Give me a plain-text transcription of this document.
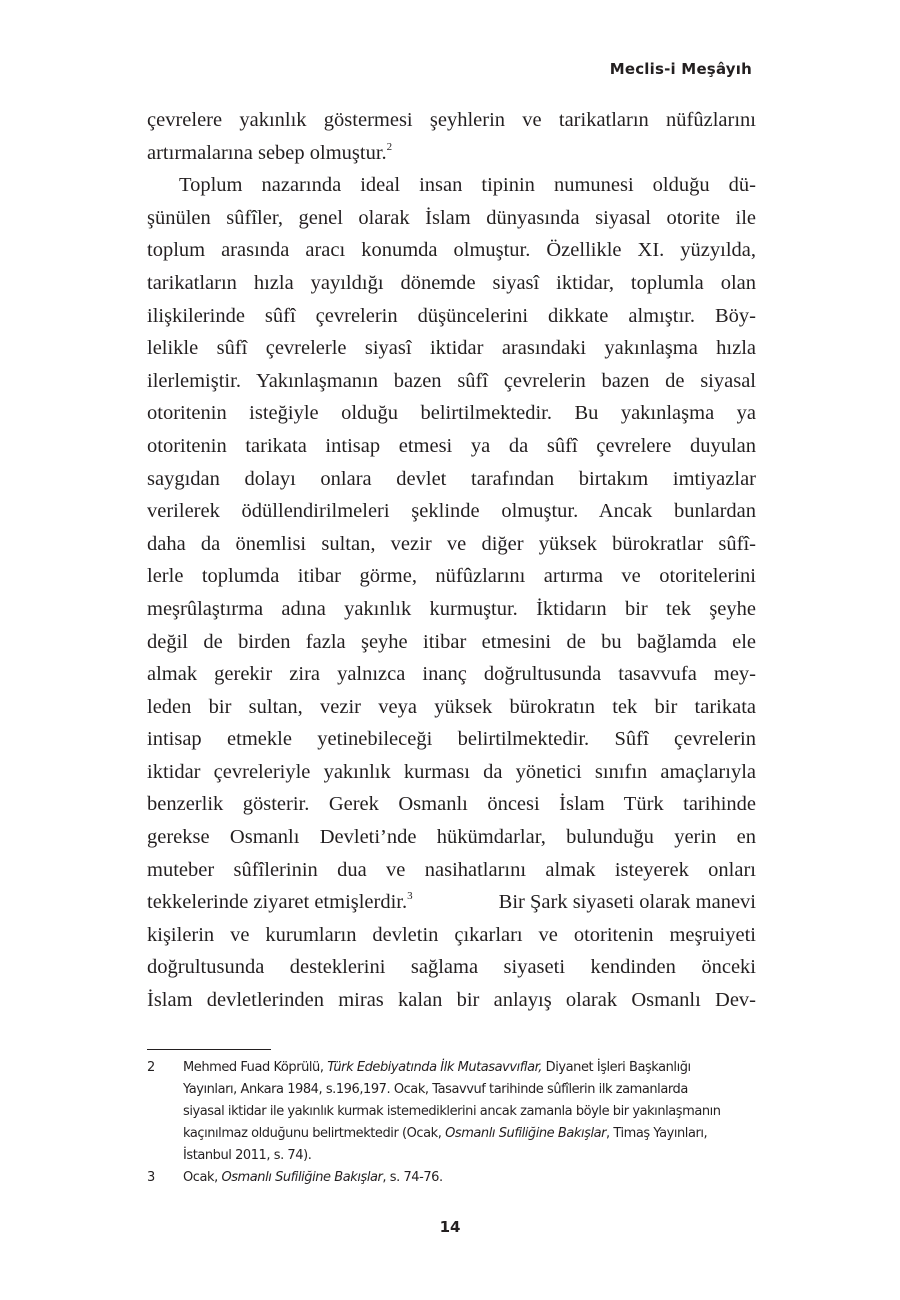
Meclis-i Meşâyıh
çevrelere yakınlık göstermesi şeyhlerin ve tarikatların nüfûzlarını
artırmalarına sebep olmuştur.$^2$
Toplum nazarında ideal insan tipinin numunesi olduğu dü-
şünülen sûfîler, genel olarak İslam dünyasında siyasal otorite ile
toplum arasında aracı konumda olmuştur. Özellikle XI. yüzyılda,
tarikatların hızla yayıldığı dönemde siyasî iktidar, toplumla olan
ilişkilerinde sûfî çevrelerin düşüncelerini dikkate almıştır. Böy-
lelikle sûfî çevrelerle siyasî iktidar arasındaki yakınlaşma hızla
ilerlemiştir. Yakınlaşmanın bazen sûfî çevrelerin bazen de siyasal
otoritenin isteğiyle olduğu belirtilmektedir. Bu yakınlaşma ya
otoritenin tarikata intisap etmesi ya da sûfî çevrelere duyulan
saygıdan dolayı onlara devlet tarafından birtakım imtiyazlar
verilerek ödüllendirilmeleri şeklinde olmuştur. Ancak bunlardan
daha da önemlisi sultan, vezir ve diğer yüksek bürokratlar sûfî-
lerle toplumda itibar görme, nüfûzlarını artırma ve otoritelerini
meşrûlaştırma adına yakınlık kurmuştur. İktidarın bir tek şeyhe
değil de birden fazla şeyhe itibar etmesini de bu bağlamda ele
almak gerekir zira yalnızca inanç doğrultusunda tasavvufa mey-
leden bir sultan, vezir veya yüksek bürokratın tek bir tarikata
intisap etmekle yetinebileceği belirtilmektedir. Sûfî çevrelerin
iktidar çevreleriyle yakınlık kurması da yönetici sınıfın amaçlarıyla
benzerlik gösterir. Gerek Osmanlı öncesi İslam Türk tarihinde
gerekse Osmanlı Devleti’nde hükümdarlar, bulunduğu yerin en
muteber sûfîlerinin dua ve nasihatlarını almak isteyerek onları
tekkelerinde ziyaret etmişlerdir.$^3$	Bir Şark siyaseti olarak manevi
kişilerin ve kurumların devletin çıkarları ve otoritenin meşruiyeti
doğrultusunda desteklerini sağlama siyaseti kendinden önceki
İslam devletlerinden miras kalan bir anlayış olarak Osmanlı Dev-
2	Mehmed Fuad Köprülü, Türk Edebiyatında İlk Mutasavvıflar, Diyanet İşleri Başkanlığı
Yayınları, Ankara 1984, s.196,197. Ocak, Tasavvuf tarihinde sûfîlerin ilk zamanlarda
siyasal iktidar ile yakınlık kurmak istemediklerini ancak zamanla böyle bir yakınlaşmanın
kaçınılmaz olduğunu belirtmektedir (Ocak, Osmanlı Sufiliğine Bakışlar, Timaş Yayınları,
İstanbul 2011, s. 74).
3	Ocak, Osmanlı Sufiliğine Bakışlar, s. 74-76.
14
